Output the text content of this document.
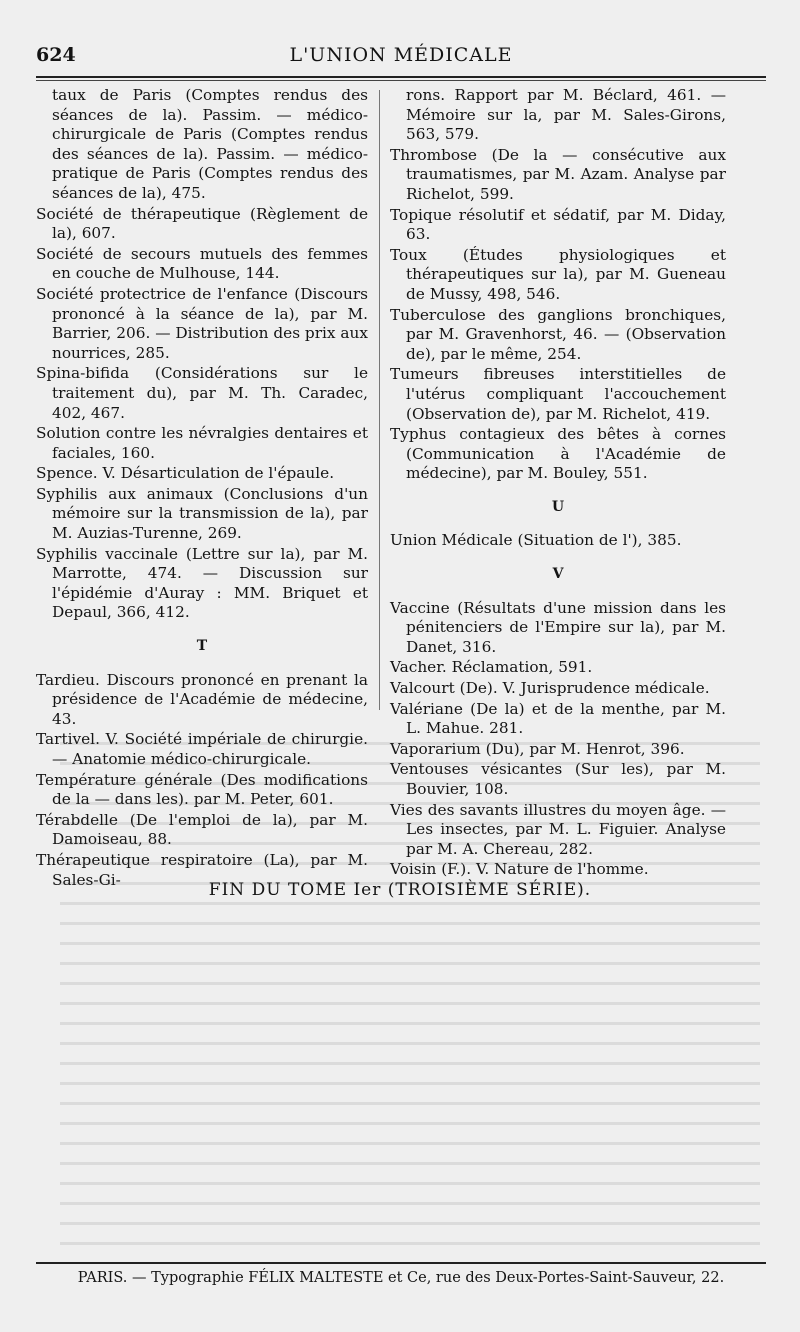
624	L'UNION MÉDICALE
taux de Paris (Comptes rendus des séances de la). Passim. — médico-chirurgicale de Paris (Comptes rendus des séances de la). Passim. — médico-pratique de Paris (Comptes rendus des séances de la), 475.
Société de thérapeutique (Règlement de la), 607.
Société de secours mutuels des femmes en couche de Mulhouse, 144.
Société protectrice de l'enfance (Discours prononcé à la séance de la), par M. Barrier, 206. — Distribution des prix aux nourrices, 285.
Spina-bifida (Considérations sur le traitement du), par M. Th. Caradec, 402, 467.
Solution contre les névralgies dentaires et faciales, 160.
Spence. V. Désarticulation de l'épaule.
Syphilis aux animaux (Conclusions d'un mémoire sur la transmission de la), par M. Auzias-Turenne, 269.
Syphilis vaccinale (Lettre sur la), par M. Marrotte, 474. — Discussion sur l'épidémie d'Auray : MM. Briquet et Depaul, 366, 412.
T
Tardieu. Discours prononcé en prenant la présidence de l'Académie de médecine, 43.
Tartivel. V. Société impériale de chirurgie. — Anatomie médico-chirurgicale.
Température générale (Des modifications de la — dans les). par M. Peter, 601.
Térabdelle (De l'emploi de la), par M. Damoiseau, 88.
Thérapeutique respiratoire (La), par M. Sales-Gi-
rons. Rapport par M. Béclard, 461. — Mémoire sur la, par M. Sales-Girons, 563, 579.
Thrombose (De la — consécutive aux traumatismes, par M. Azam. Analyse par Richelot, 599.
Topique résolutif et sédatif, par M. Diday, 63.
Toux (Études physiologiques et thérapeutiques sur la), par M. Gueneau de Mussy, 498, 546.
Tuberculose des ganglions bronchiques, par M. Gravenhorst, 46. — (Observation de), par le même, 254.
Tumeurs fibreuses interstitielles de l'utérus compliquant l'accouchement (Observation de), par M. Richelot, 419.
Typhus contagieux des bêtes à cornes (Communication à l'Académie de médecine), par M. Bouley, 551.
U
Union Médicale (Situation de l'), 385.
V
Vaccine (Résultats d'une mission dans les pénitenciers de l'Empire sur la), par M. Danet, 316.
Vacher. Réclamation, 591.
Valcourt (De). V. Jurisprudence médicale.
Valériane (De la) et de la menthe, par M. L. Mahue. 281.
Vaporarium (Du), par M. Henrot, 396.
Ventouses vésicantes (Sur les), par M. Bouvier, 108.
Vies des savants illustres du moyen âge. — Les insectes, par M. L. Figuier. Analyse par M. A. Chereau, 282.
Voisin (F.). V. Nature de l'homme.
FIN DU TOME Ier (TROISIÈME SÉRIE).
PARIS. — Typographie FÉLIX MALTESTE et Ce, rue des Deux-Portes-Saint-Sauveur, 22.
